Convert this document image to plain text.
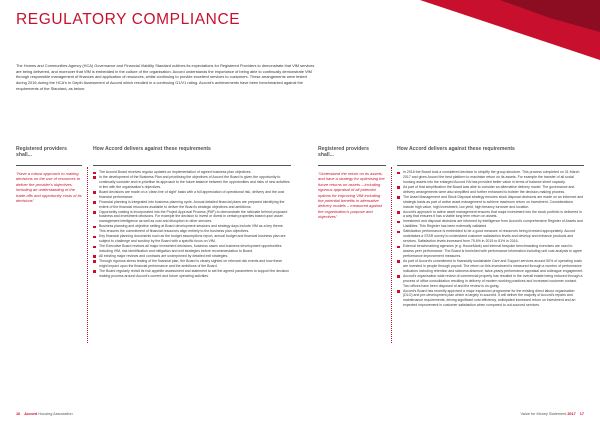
REGULATORY COMPLIANCE

The Homes and Communities Agency (HCA) Governance and Financial Viability Standard outlines its expectations for Registered Providers to demonstrate that VfM services are being delivered, and moreover that VfM is embedded in the culture of the organisation. Accord understands the importance of being able to continually demonstrate VfM through responsible management of finances and application of resources, whilst continuing to provide excellent services to customers. These arrangements were tested during 2016 during the HCA's In Depth Assessment of Accord which resulted in a continuing G1/V1 rating. Accord's achievements have been benchmarked against the requirements of the Standard, as below:

Registered providers shall...
How Accord delivers against these requirements

"Have a robust approach to making decisions on the use of resources to deliver the provider's objectives, including an understanding of the trade-offs and opportunity costs of its decisions"

The Accord Board receives regular updates on implementation of agreed business plan objectives.
In the development of the Business Plan and prioritising the objectives of Accord the Board is given the opportunity to continually consider and re-prioritise its approach to the future balance between the opportunities and risks of new activities in line with the organisation's objectives.
Board decisions are made on a 'clean line of sight' basis with a full appreciation of operational risk, delivery and the cost financial performance.
Financial planning is integrated into business planning cycle. Annual detailed financial plans are prepared identifying the extent of the financial resources available to deliver the Board's strategic objectives and ambitions.
Opportunity costing is incorporated into the Project Approval Process (PAP) to demonstrate the rationale behind proposed business and investment decisions. For example the decision to invest or divest in certain properties based upon asset management intelligence as well as cost and disruption to other services.
Business planning and objective setting at Board development sessions and strategy days include VfM as a key theme. This ensures the commitment of financial resources align entirely to the business plan objectives.
Key financial planning documents such as the budget assumptions report, annual budget and financial business plan are subject to challenge and scrutiny by the Board with a specific focus on VfM.
The Executive Board reviews all major investment decisions, business cases and business development opportunities including VfM, risk identification and mitigation and exit strategies before recommendation to Board.
All existing major reviews and contracts are underpinned by detailed exit strategies.
Through rigorous stress testing of the financial plan, the Board is clearly sighted on relevant risk events and how these might impact upon the financial performance and the ambitions of the Board.
The Board regularly revisit its risk appetite assessment and statement to set the agreed parameters to support the decision making process around Accord's current and future operating activities.
Registered providers shall...
How Accord delivers against these requirements

"Understand the return on its assets, and have a strategy for optimising the future returns on assets – including rigorous appraisal of all potential options for improving VfM including the potential benefits in alternative delivery models – measured against the organisation's purpose and objectives"

In 2016 the Board took a considered decision to simplify the group structure. This process completed on 31 March 2017 and gives Accord the best platform to maximise return on its assets. For example the transfer of all social housing assets into the enlarged Accord HA has provided better value in terms of balance sheet capacity.
As part of that simplification the Board was able to consider an alternative delivery model. The governance and delivery arrangements were also simplified and further enhanced to bolster the decision-making process.
The Asset Management and Stock Disposal strategy ensures stock disposal decisions are made on an informed and strategic basis as part of active asset management to achieve maximum return on investment. Considerations include high value, high investment, low yield, high tenancy turnover and location.
Accord's approach to active asset management ensures that major investment into the stock portfolio is delivered in a way that ensures it has a viable long term return on assets.
Investment and disposal decisions are informed by intelligence from Accord's comprehensive Register of Assets and Liabilities. This Register has been externally validated.
Satisfaction performance is embedded to be a good measure of resources being invested appropriately. Accord undertakes a STAR survey to understand customer satisfaction levels and develop and enhance products and services. Satisfaction levels increased from 75.6% in 2015 to 81% in 2016.
External benchmarking agencies (e.g. HouseMark) and internal bespoke benchmarking exercises are used to assess peer performance. The Board is furnished with performance information including unit cost analysis to agree performance improvement measures.
As part of Accord's commitment to financially sustainable Care and Support services around 50% of operating costs are invested in people through payroll. The return on this investment is measured through a number of performance indicators including retention and sickness absence, twice-yearly performance appraisal and colleague engagement.
Accord's organisation wide review of commercial property has resulted in the overall estate being reduced through a process of office consolidation resulting in delivery of modern working practices and increased customer contact. Two offices have been disposed of and the review is on-going.
Accord's Board has recently approved a major expansion programme for the existing direct labour organisation (DLO) and pre-development plan which is largely in-sourced. It will deliver the majority of Accord's repairs and maintenance requirements, driving significant cost efficiency, anticipated increased return on investment and an expected improvement in customer satisfaction when compared to out-sourced services.
16 Accord Housing Association	Value for Money Statement 2017 17
